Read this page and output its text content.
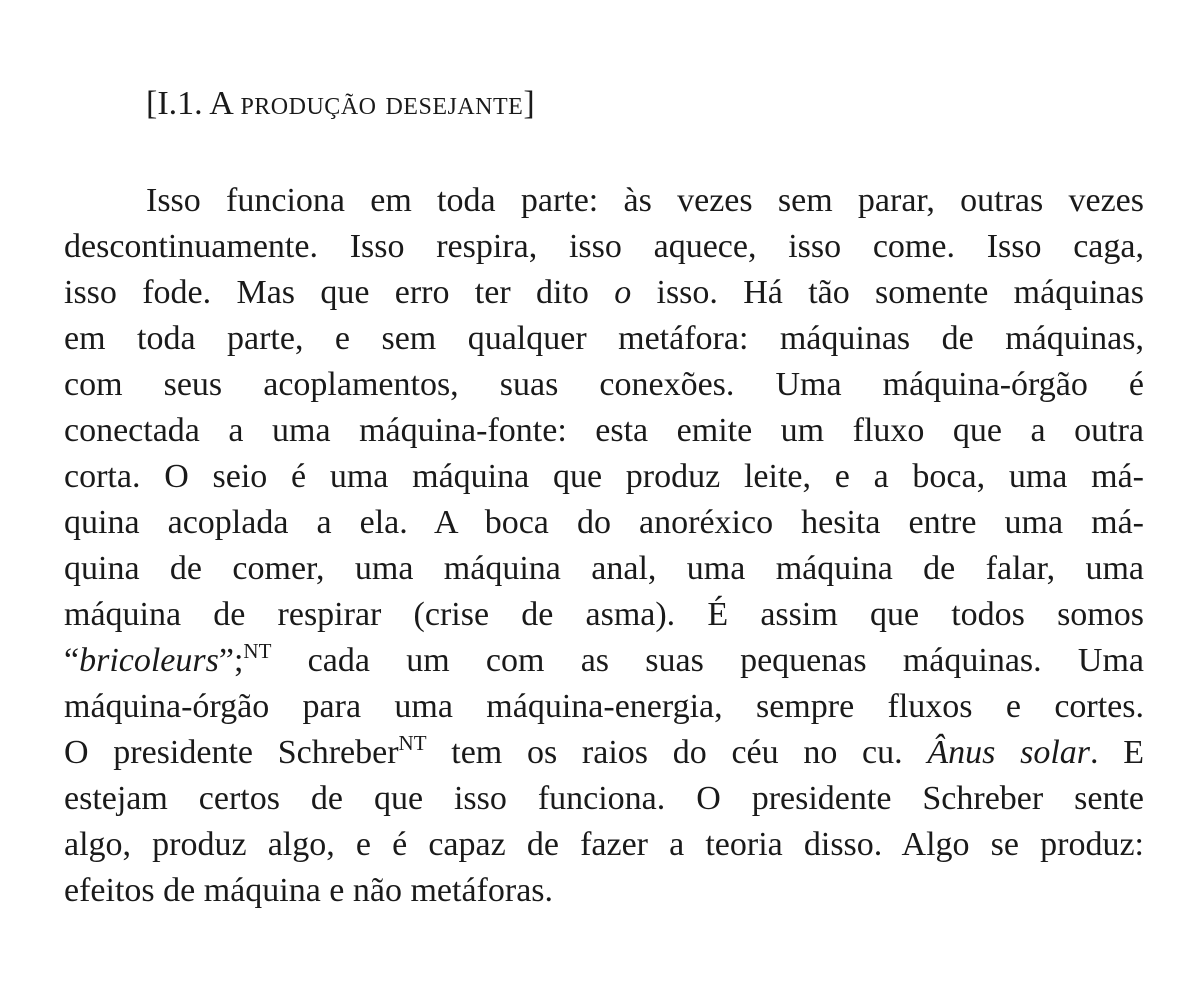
[I.1. A produção desejante]
Isso funciona em toda parte: às vezes sem parar, outras vezes
descontinuamente. Isso respira, isso aquece, isso come. Isso caga,
isso fode. Mas que erro ter dito o isso. Há tão somente máquinas
em toda parte, e sem qualquer metáfora: máquinas de máquinas,
com seus acoplamentos, suas conexões. Uma máquina-órgão é
conectada a uma máquina-fonte: esta emite um fluxo que a outra
corta. O seio é uma máquina que produz leite, e a boca, uma má-
quina acoplada a ela. A boca do anoréxico hesita entre uma má-
quina de comer, uma máquina anal, uma máquina de falar, uma
máquina de respirar (crise de asma). É assim que todos somos
“bricoleurs”;$^{NT}$ cada um com as suas pequenas máquinas. Uma
máquina-órgão para uma máquina-energia, sempre fluxos e cortes.
O presidente Schreber$^{NT}$ tem os raios do céu no cu. Ânus solar. E
estejam certos de que isso funciona. O presidente Schreber sente
algo, produz algo, e é capaz de fazer a teoria disso. Algo se produz:
efeitos de máquina e não metáforas.
